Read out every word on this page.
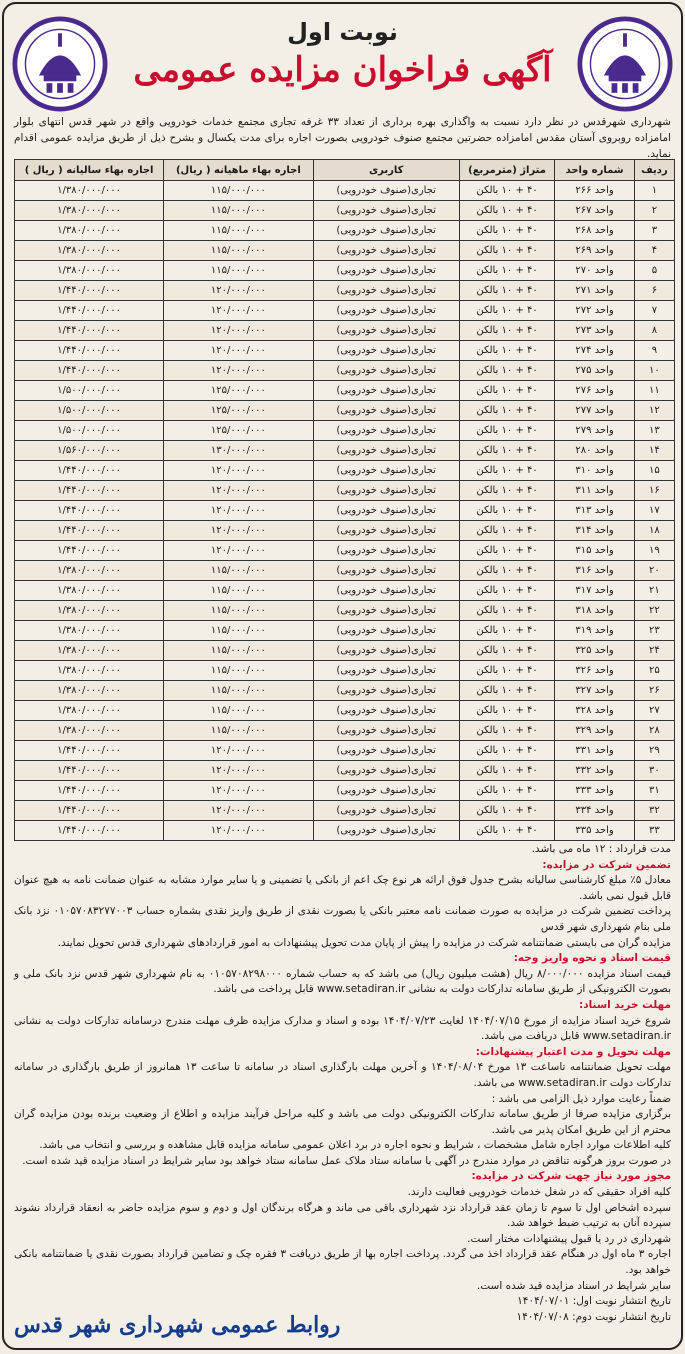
نوبت اول
آگهی فراخوان مزایده عمومی
شهرداری شهرقدس در نظر دارد نسبت به واگذاری بهره برداری از تعداد ۳۳ غرفه تجاری مجتمع خدمات خودرویی واقع در شهر قدس انتهای بلوار امامزاده روبروی آستان مقدس امامزاده حضرتین مجتمع صنوف خودرویی بصورت اجاره برای مدت یکسال و بشرح ذیل از طریق مزایده عمومی اقدام نماید.
ردیف	شماره واحد	متراژ (مترمربع)	کاربری	اجاره بهاء ماهیانه ( ریال)	اجاره بهاء سالیانه ( ریال )
۱	واحد ۲۶۶	۴۰ + ۱۰ بالکن	تجاری(صنوف خودرویی)	۱۱۵/۰۰۰/۰۰۰	۱/۳۸۰/۰۰۰/۰۰۰
۲	واحد ۲۶۷	۴۰ + ۱۰ بالکن	تجاری(صنوف خودرویی)	۱۱۵/۰۰۰/۰۰۰	۱/۳۸۰/۰۰۰/۰۰۰
۳	واحد ۲۶۸	۴۰ + ۱۰ بالکن	تجاری(صنوف خودرویی)	۱۱۵/۰۰۰/۰۰۰	۱/۳۸۰/۰۰۰/۰۰۰
۴	واحد ۲۶۹	۴۰ + ۱۰ بالکن	تجاری(صنوف خودرویی)	۱۱۵/۰۰۰/۰۰۰	۱/۳۸۰/۰۰۰/۰۰۰
۵	واحد ۲۷۰	۴۰ + ۱۰ بالکن	تجاری(صنوف خودرویی)	۱۱۵/۰۰۰/۰۰۰	۱/۳۸۰/۰۰۰/۰۰۰
۶	واحد ۲۷۱	۴۰ + ۱۰ بالکن	تجاری(صنوف خودرویی)	۱۲۰/۰۰۰/۰۰۰	۱/۴۴۰/۰۰۰/۰۰۰
۷	واحد ۲۷۲	۴۰ + ۱۰ بالکن	تجاری(صنوف خودرویی)	۱۲۰/۰۰۰/۰۰۰	۱/۴۴۰/۰۰۰/۰۰۰
۸	واحد ۲۷۳	۴۰ + ۱۰ بالکن	تجاری(صنوف خودرویی)	۱۲۰/۰۰۰/۰۰۰	۱/۴۴۰/۰۰۰/۰۰۰
۹	واحد ۲۷۴	۴۰ + ۱۰ بالکن	تجاری(صنوف خودرویی)	۱۲۰/۰۰۰/۰۰۰	۱/۴۴۰/۰۰۰/۰۰۰
۱۰	واحد ۲۷۵	۴۰ + ۱۰ بالکن	تجاری(صنوف خودرویی)	۱۲۰/۰۰۰/۰۰۰	۱/۴۴۰/۰۰۰/۰۰۰
۱۱	واحد ۲۷۶	۴۰ + ۱۰ بالکن	تجاری(صنوف خودرویی)	۱۲۵/۰۰۰/۰۰۰	۱/۵۰۰/۰۰۰/۰۰۰
۱۲	واحد ۲۷۷	۴۰ + ۱۰ بالکن	تجاری(صنوف خودرویی)	۱۲۵/۰۰۰/۰۰۰	۱/۵۰۰/۰۰۰/۰۰۰
۱۳	واحد ۲۷۹	۴۰ + ۱۰ بالکن	تجاری(صنوف خودرویی)	۱۲۵/۰۰۰/۰۰۰	۱/۵۰۰/۰۰۰/۰۰۰
۱۴	واحد ۲۸۰	۴۰ + ۱۰ بالکن	تجاری(صنوف خودرویی)	۱۳۰/۰۰۰/۰۰۰	۱/۵۶۰/۰۰۰/۰۰۰
۱۵	واحد ۳۱۰	۴۰ + ۱۰ بالکن	تجاری(صنوف خودرویی)	۱۲۰/۰۰۰/۰۰۰	۱/۴۴۰/۰۰۰/۰۰۰
۱۶	واحد ۳۱۱	۴۰ + ۱۰ بالکن	تجاری(صنوف خودرویی)	۱۲۰/۰۰۰/۰۰۰	۱/۴۴۰/۰۰۰/۰۰۰
۱۷	واحد ۳۱۳	۴۰ + ۱۰ بالکن	تجاری(صنوف خودرویی)	۱۲۰/۰۰۰/۰۰۰	۱/۴۴۰/۰۰۰/۰۰۰
۱۸	واحد ۳۱۴	۴۰ + ۱۰ بالکن	تجاری(صنوف خودرویی)	۱۲۰/۰۰۰/۰۰۰	۱/۴۴۰/۰۰۰/۰۰۰
۱۹	واحد ۳۱۵	۴۰ + ۱۰ بالکن	تجاری(صنوف خودرویی)	۱۲۰/۰۰۰/۰۰۰	۱/۴۴۰/۰۰۰/۰۰۰
۲۰	واحد ۳۱۶	۴۰ + ۱۰ بالکن	تجاری(صنوف خودرویی)	۱۱۵/۰۰۰/۰۰۰	۱/۳۸۰/۰۰۰/۰۰۰
۲۱	واحد ۳۱۷	۴۰ + ۱۰ بالکن	تجاری(صنوف خودرویی)	۱۱۵/۰۰۰/۰۰۰	۱/۳۸۰/۰۰۰/۰۰۰
۲۲	واحد ۳۱۸	۴۰ + ۱۰ بالکن	تجاری(صنوف خودرویی)	۱۱۵/۰۰۰/۰۰۰	۱/۳۸۰/۰۰۰/۰۰۰
۲۳	واحد ۳۱۹	۴۰ + ۱۰ بالکن	تجاری(صنوف خودرویی)	۱۱۵/۰۰۰/۰۰۰	۱/۳۸۰/۰۰۰/۰۰۰
۲۴	واحد ۳۲۵	۴۰ + ۱۰ بالکن	تجاری(صنوف خودرویی)	۱۱۵/۰۰۰/۰۰۰	۱/۳۸۰/۰۰۰/۰۰۰
۲۵	واحد ۳۲۶	۴۰ + ۱۰ بالکن	تجاری(صنوف خودرویی)	۱۱۵/۰۰۰/۰۰۰	۱/۳۸۰/۰۰۰/۰۰۰
۲۶	واحد ۳۲۷	۴۰ + ۱۰ بالکن	تجاری(صنوف خودرویی)	۱۱۵/۰۰۰/۰۰۰	۱/۳۸۰/۰۰۰/۰۰۰
۲۷	واحد ۳۲۸	۴۰ + ۱۰ بالکن	تجاری(صنوف خودرویی)	۱۱۵/۰۰۰/۰۰۰	۱/۳۸۰/۰۰۰/۰۰۰
۲۸	واحد ۳۲۹	۴۰ + ۱۰ بالکن	تجاری(صنوف خودرویی)	۱۱۵/۰۰۰/۰۰۰	۱/۳۸۰/۰۰۰/۰۰۰
۲۹	واحد ۳۳۱	۴۰ + ۱۰ بالکن	تجاری(صنوف خودرویی)	۱۲۰/۰۰۰/۰۰۰	۱/۴۴۰/۰۰۰/۰۰۰
۳۰	واحد ۳۳۲	۴۰ + ۱۰ بالکن	تجاری(صنوف خودرویی)	۱۲۰/۰۰۰/۰۰۰	۱/۴۴۰/۰۰۰/۰۰۰
۳۱	واحد ۳۳۳	۴۰ + ۱۰ بالکن	تجاری(صنوف خودرویی)	۱۲۰/۰۰۰/۰۰۰	۱/۴۴۰/۰۰۰/۰۰۰
۳۲	واحد ۳۳۴	۴۰ + ۱۰ بالکن	تجاری(صنوف خودرویی)	۱۲۰/۰۰۰/۰۰۰	۱/۴۴۰/۰۰۰/۰۰۰
۳۳	واحد ۳۳۵	۴۰ + ۱۰ بالکن	تجاری(صنوف خودرویی)	۱۲۰/۰۰۰/۰۰۰	۱/۴۴۰/۰۰۰/۰۰۰

مدت قرارداد : ۱۲ ماه می باشد.

تضمین شرکت در مزایده:

معادل ۵٪ مبلغ کارشناسی سالیانه بشرح جدول فوق ارائه هر نوع چک اعم از بانکی یا تضمینی و یا سایر موارد مشابه به عنوان ضمانت نامه به هیچ عنوان قابل قبول نمی باشد.

پرداخت تضمین شرکت در مزایده به صورت ضمانت نامه معتبر بانکی یا بصورت نقدی از طریق واریز نقدی بشماره حساب ۰۱۰۵۷۰۸۳۲۷۷۰۰۳ نزد بانک ملی بنام شهرداری شهر قدس

مزایده گران می بایستی ضمانتنامه شرکت در مزایده را پیش از پایان مدت تحویل پیشنهادات به امور قراردادهای شهرداری قدس تحویل نمایند.

قیمت اسناد و نحوه واریز وجه:

قیمت اسناد مزایده ۸/۰۰۰/۰۰۰ ریال (هشت میلیون ریال) می باشد که به حساب شماره ۰۱۰۵۷۰۸۲۹۸۰۰۰ به نام شهرداری شهر قدس نزد بانک ملی و بصورت الکترونیکی از طریق سامانه تدارکات دولت به نشانی www.setadiran.ir قابل پرداخت می باشد.

مهلت خرید اسناد:

شروع خرید اسناد مزایده از مورخ ۱۴۰۴/۰۷/۱۵ لغایت ۱۴۰۴/۰۷/۲۳ بوده و اسناد و مدارک مزایده ظرف مهلت مندرج درسامانه تدارکات دولت به نشانی www.setadiran.ir قابل دریافت می باشد.

مهلت تحویل و مدت اعتبار پیشنهادات:

مهلت تحویل ضمانتنامه تاساعت ۱۳ مورخ ۱۴۰۴/۰۸/۰۴ و آخرین مهلت بارگذاری اسناد در سامانه تا ساعت ۱۳ همانروز از طریق بارگذاری در سامانه تدارکات دولت www.setadiran.ir می باشد.

ضمناً رعایت موارد ذیل الزامی می باشد :

برگزاری مزایده صرفا از طریق سامانه تدارکات الکترونیکی دولت می باشد و کلیه مراحل فرآیند مزایده و اطلاع از وضعیت برنده بودن مزایده گران محترم از این طریق امکان پذیر می باشد.

کلیه اطلاعات موارد اجاره شامل مشخصات ، شرایط و نحوه اجاره در برد اعلان عمومی سامانه مزایده قابل مشاهده و بررسی و انتخاب می باشد.

در صورت بروز هرگونه تناقض در موارد مندرج در آگهی با سامانه ستاد ملاک عمل سامانه ستاد خواهد بود سایر شرایط در اسناد مزایده قید شده است.

مجوز مورد نیاز جهت شرکت در مزایده:

کلیه افراد حقیقی که در شغل خدمات خودرویی فعالیت دارند.

سپرده اشخاص اول تا سوم تا زمان عقد قرارداد نزد شهرداری باقی می ماند و هرگاه برندگان اول و دوم و سوم مزایده حاضر به انعقاد قرارداد نشوند سپرده آنان به ترتیب ضبط خواهد شد.

شهرداری در رد یا قبول پیشنهادات مختار است.

اجاره ۳ ماه اول در هنگام عقد قرارداد اخذ می گردد. پرداخت اجاره بها از طریق دریافت ۳ فقره چک و تضامین قرارداد بصورت نقدی یا ضمانتنامه بانکی خواهد بود.

سایر شرایط در اسناد مزایده قید شده است.

تاریخ انتشار نوبت اول: ۱۴۰۴/۰۷/۰۱

تاریخ انتشار نوبت دوم: ۱۴۰۴/۰۷/۰۸

روابط عمومی شهرداری شهر قدس
